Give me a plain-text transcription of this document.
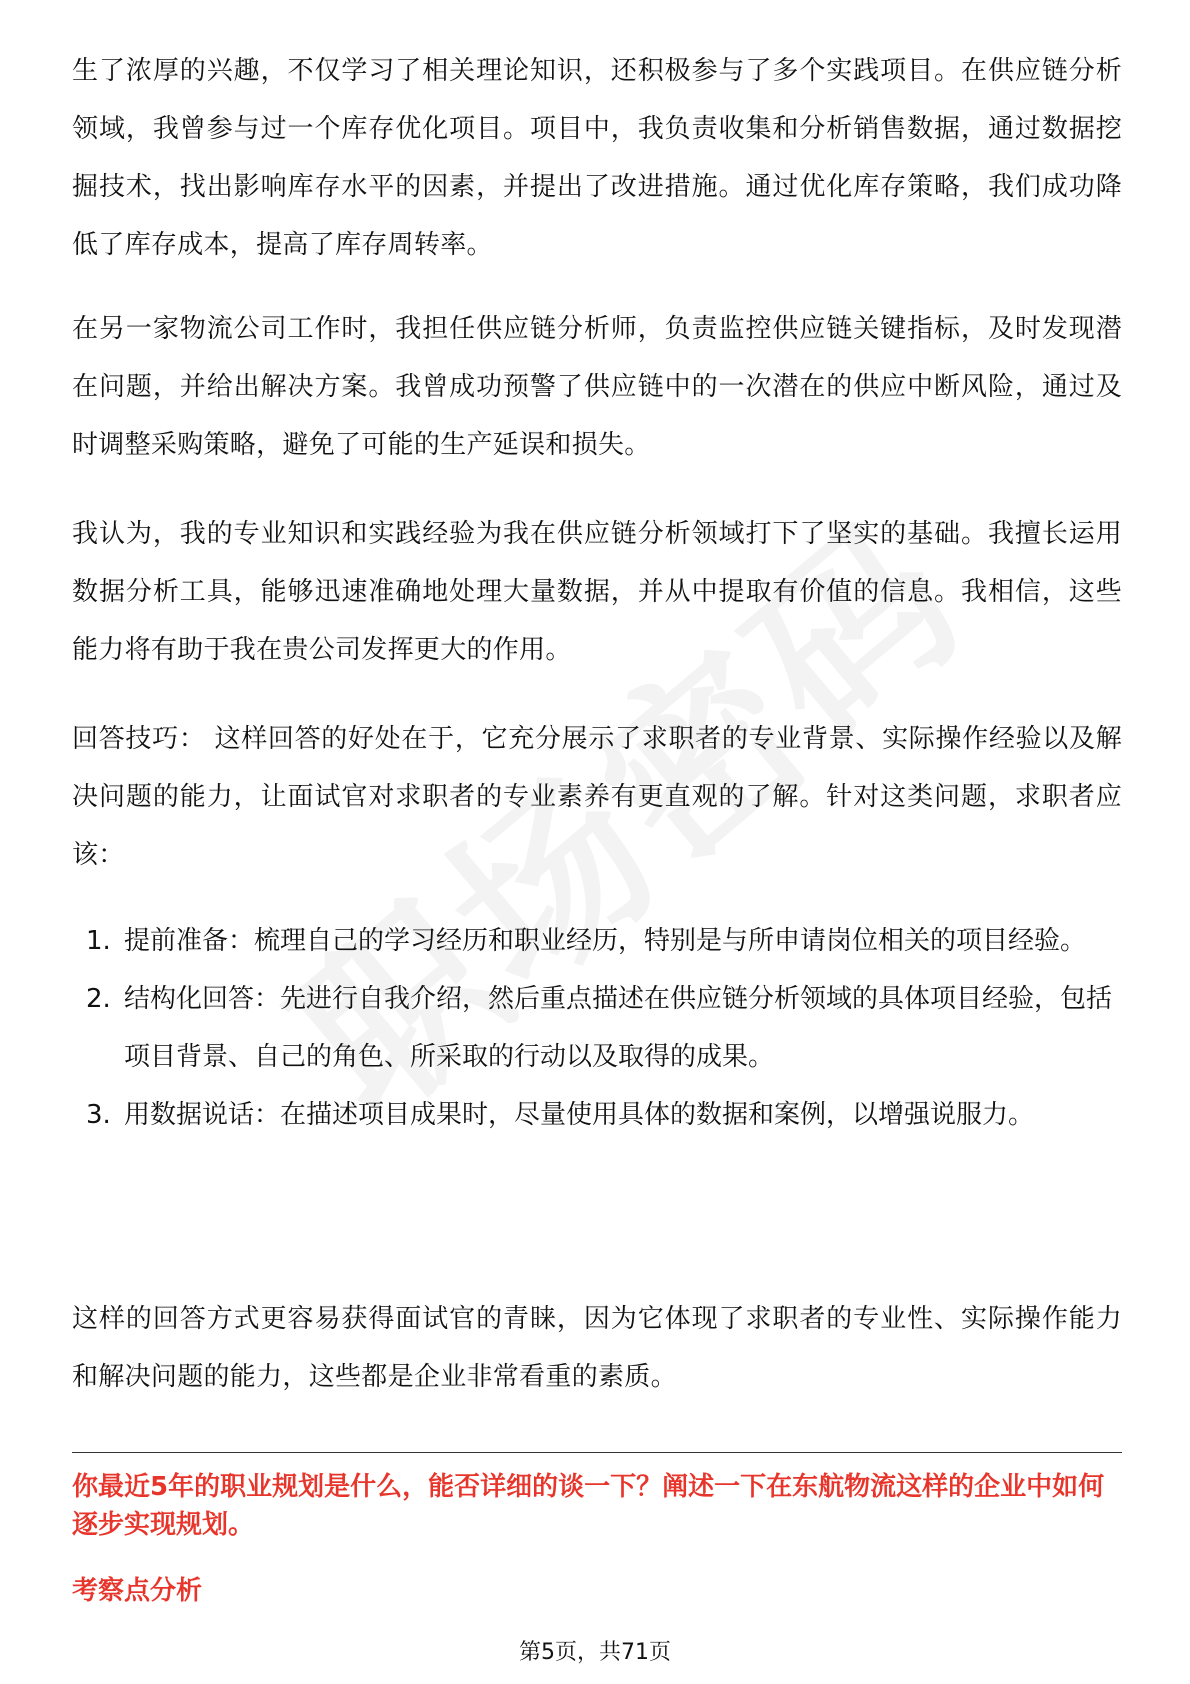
生了浓厚的兴趣，不仅学习了相关理论知识，还积极参与了多个实践项目。在供应链分析领域，我曾参与过一个库存优化项目。项目中，我负责收集和分析销售数据，通过数据挖掘技术，找出影响库存水平的因素，并提出了改进措施。通过优化库存策略，我们成功降低了库存成本，提高了库存周转率。

在另一家物流公司工作时，我担任供应链分析师，负责监控供应链关键指标，及时发现潜在问题，并给出解决方案。我曾成功预警了供应链中的一次潜在的供应中断风险，通过及时调整采购策略，避免了可能的生产延误和损失。

我认为，我的专业知识和实践经验为我在供应链分析领域打下了坚实的基础。我擅长运用数据分析工具，能够迅速准确地处理大量数据，并从中提取有价值的信息。我相信，这些能力将有助于我在贵公司发挥更大的作用。

回答技巧： 这样回答的好处在于，它充分展示了求职者的专业背景、实际操作经验以及解决问题的能力，让面试官对求职者的专业素养有更直观的了解。针对这类问题，求职者应该：

1. 提前准备：梳理自己的学习经历和职业经历，特别是与所申请岗位相关的项目经验。
2. 结构化回答：先进行自我介绍，然后重点描述在供应链分析领域的具体项目经验，包括项目背景、自己的角色、所采取的行动以及取得的成果。
3. 用数据说话：在描述项目成果时，尽量使用具体的数据和案例，以增强说服力。

这样的回答方式更容易获得面试官的青睐，因为它体现了求职者的专业性、实际操作能力和解决问题的能力，这些都是企业非常看重的素质。

你最近5年的职业规划是什么，能否详细的谈一下？阐述一下在东航物流这样的企业中如何逐步实现规划。

考察点分析

第5页，共71页
